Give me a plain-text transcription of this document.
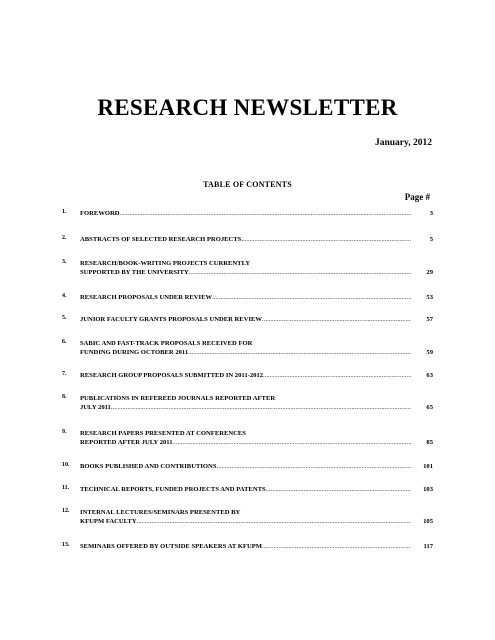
RESEARCH NEWSLETTER
January, 2012
TABLE OF CONTENTS
Page #
1.	FOREWORD .....	3
2.	ABSTRACTS OF SELECTED RESEARCH PROJECTS .....	5
3.	RESEARCH/BOOK-WRITING PROJECTS CURRENTLY
SUPPORTED BY THE UNIVERSITY .....	29
4.	RESEARCH PROPOSALS UNDER REVIEW .....	53
5.	JUNIOR FACULTY GRANTS PROPOSALS UNDER REVIEW .....	57
6.	SABIC AND FAST-TRACK PROPOSALS RECEIVED FOR
FUNDING DURING OCTOBER 2011 .....	59
7.	RESEARCH GROUP PROPOSALS SUBMITTED IN 2011-2012 .....	63
8.	PUBLICATIONS IN REFEREED JOURNALS REPORTED AFTER
JULY 2011 .....	65
9.	RESEARCH PAPERS PRESENTED AT CONFERENCES
REPORTED AFTER JULY 2011 .....	85
10.	BOOKS PUBLISHED AND CONTRIBUTIONS .....	101
11.	TECHNICAL REPORTS, FUNDED PROJECTS AND PATENTS .....	103
12.	INTERNAL LECTURES/SEMINARS PRESENTED BY
KFUPM FACULTY .....	105
13.	SEMINARS OFFERED BY OUTSIDE SPEAKERS AT KFUPM .....	117
